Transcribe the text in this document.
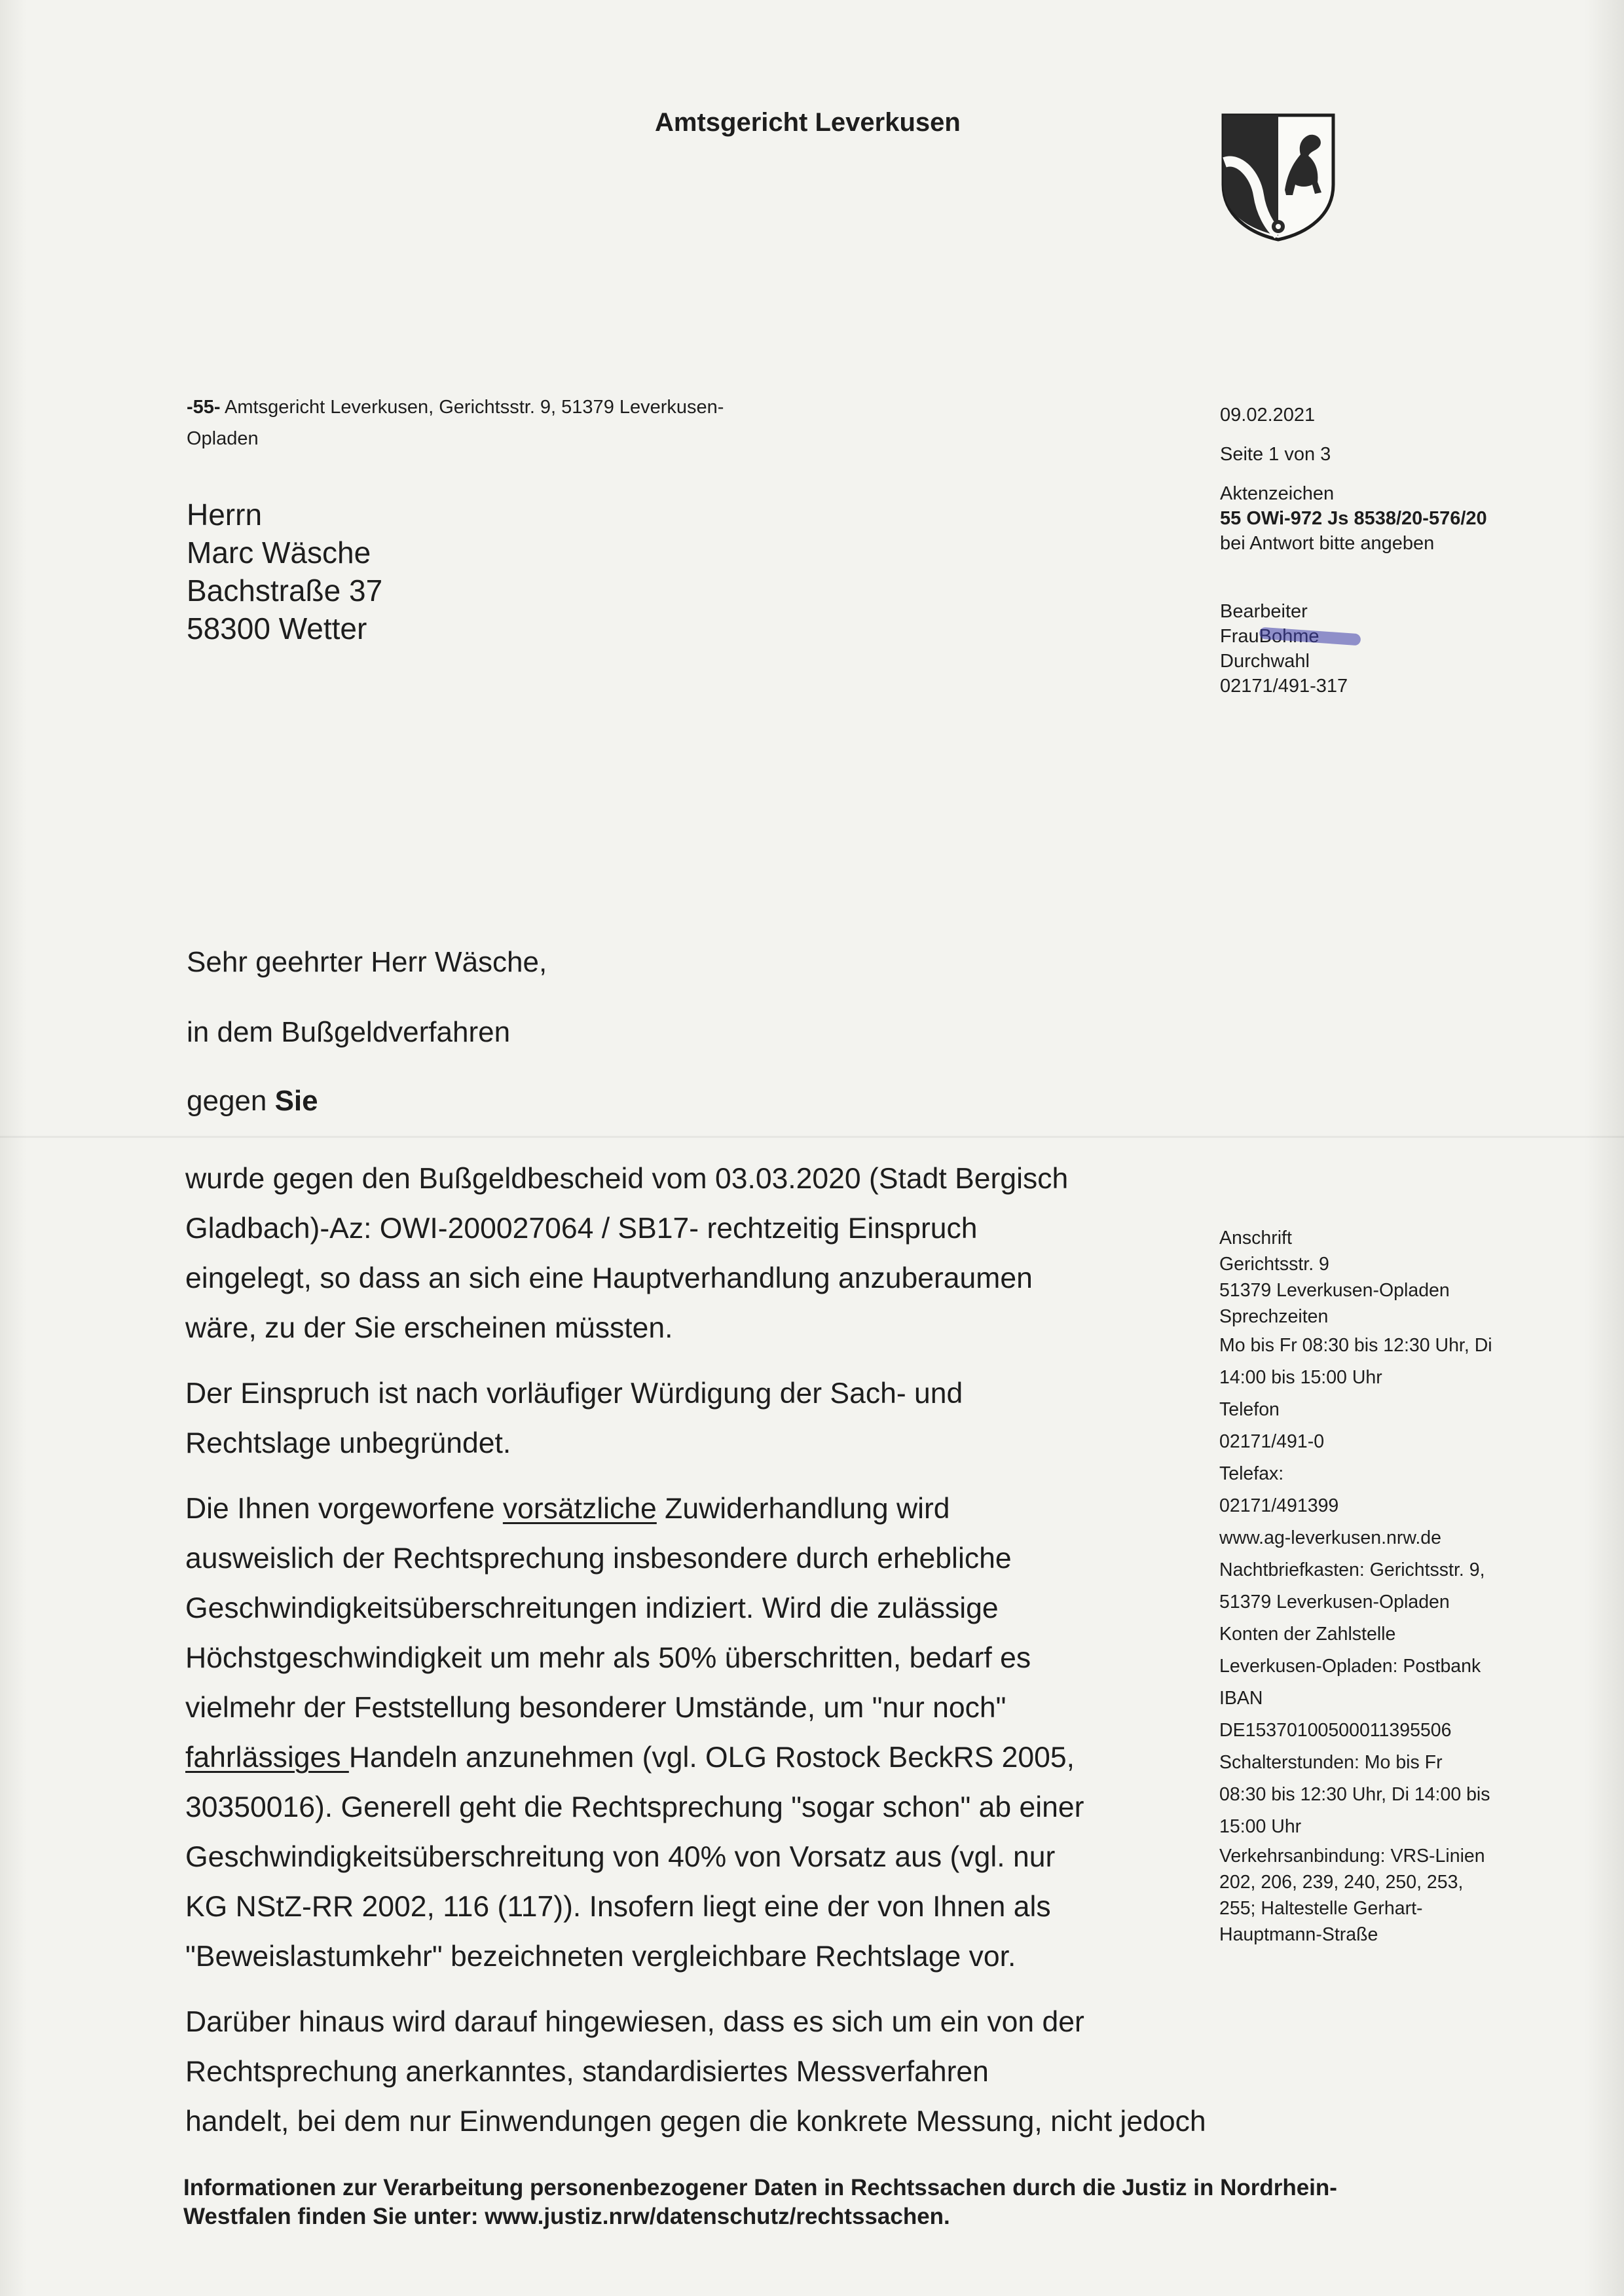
Amtsgericht Leverkusen
-55- Amtsgericht Leverkusen, Gerichtsstr. 9, 51379 Leverkusen-
Opladen
Herrn
Marc Wäsche
Bachstraße 37
58300 Wetter
09.02.2021
Seite 1 von 3
Aktenzeichen
55 OWi-972 Js 8538/20-576/20
bei Antwort bitte angeben
Bearbeiter
Frau
Durchwahl
02171/491-317
Sehr geehrter Herr Wäsche,
in dem Bußgeldverfahren
gegen Sie

wurde gegen den Bußgeldbescheid vom 03.03.2020 (Stadt Bergisch

Gladbach)-Az: OWI-200027064 / SB17- rechtzeitig Einspruch

eingelegt, so dass an sich eine Hauptverhandlung anzuberaumen

wäre, zu der Sie erscheinen müssten.

Der Einspruch ist nach vorläufiger Würdigung der Sach- und

Rechtslage unbegründet.

Die Ihnen vorgeworfene vorsätzliche Zuwiderhandlung wird

ausweislich der Rechtsprechung insbesondere durch erhebliche

Geschwindigkeitsüberschreitungen indiziert. Wird die zulässige

Höchstgeschwindigkeit um mehr als 50% überschritten, bedarf es

vielmehr der Feststellung besonderer Umstände, um "nur noch"

fahrlässiges Handeln anzunehmen (vgl. OLG Rostock BeckRS 2005,

30350016). Generell geht die Rechtsprechung "sogar schon" ab einer

Geschwindigkeitsüberschreitung von 40% von Vorsatz aus (vgl. nur

KG NStZ-RR 2002, 116 (117)). Insofern liegt eine der von Ihnen als

"Beweislastumkehr" bezeichneten vergleichbare Rechtslage vor.

Darüber hinaus wird darauf hingewiesen, dass es sich um ein von der

Rechtsprechung anerkanntes, standardisiertes Messverfahren

handelt, bei dem nur Einwendungen gegen die konkrete Messung, nicht jedoch

Anschrift
Gerichtsstr. 9
51379 Leverkusen-Opladen
Sprechzeiten
Mo bis Fr 08:30 bis 12:30 Uhr, Di
14:00 bis 15:00 Uhr
Telefon
02171/491-0
Telefax:
02171/491399
www.ag-leverkusen.nrw.de
Nachtbriefkasten: Gerichtsstr. 9,
51379 Leverkusen-Opladen
Konten der Zahlstelle
Leverkusen-Opladen: Postbank
IBAN
DE15370100500011395506
Schalterstunden: Mo bis Fr
08:30 bis 12:30 Uhr, Di 14:00 bis
15:00 Uhr
Verkehrsanbindung: VRS-Linien
202, 206, 239, 240, 250, 253,
255; Haltestelle Gerhart-
Hauptmann-Straße
Informationen zur Verarbeitung personenbezogener Daten in Rechtssachen durch die Justiz in Nordrhein-
Westfalen finden Sie unter: www.justiz.nrw/datenschutz/rechtssachen.
